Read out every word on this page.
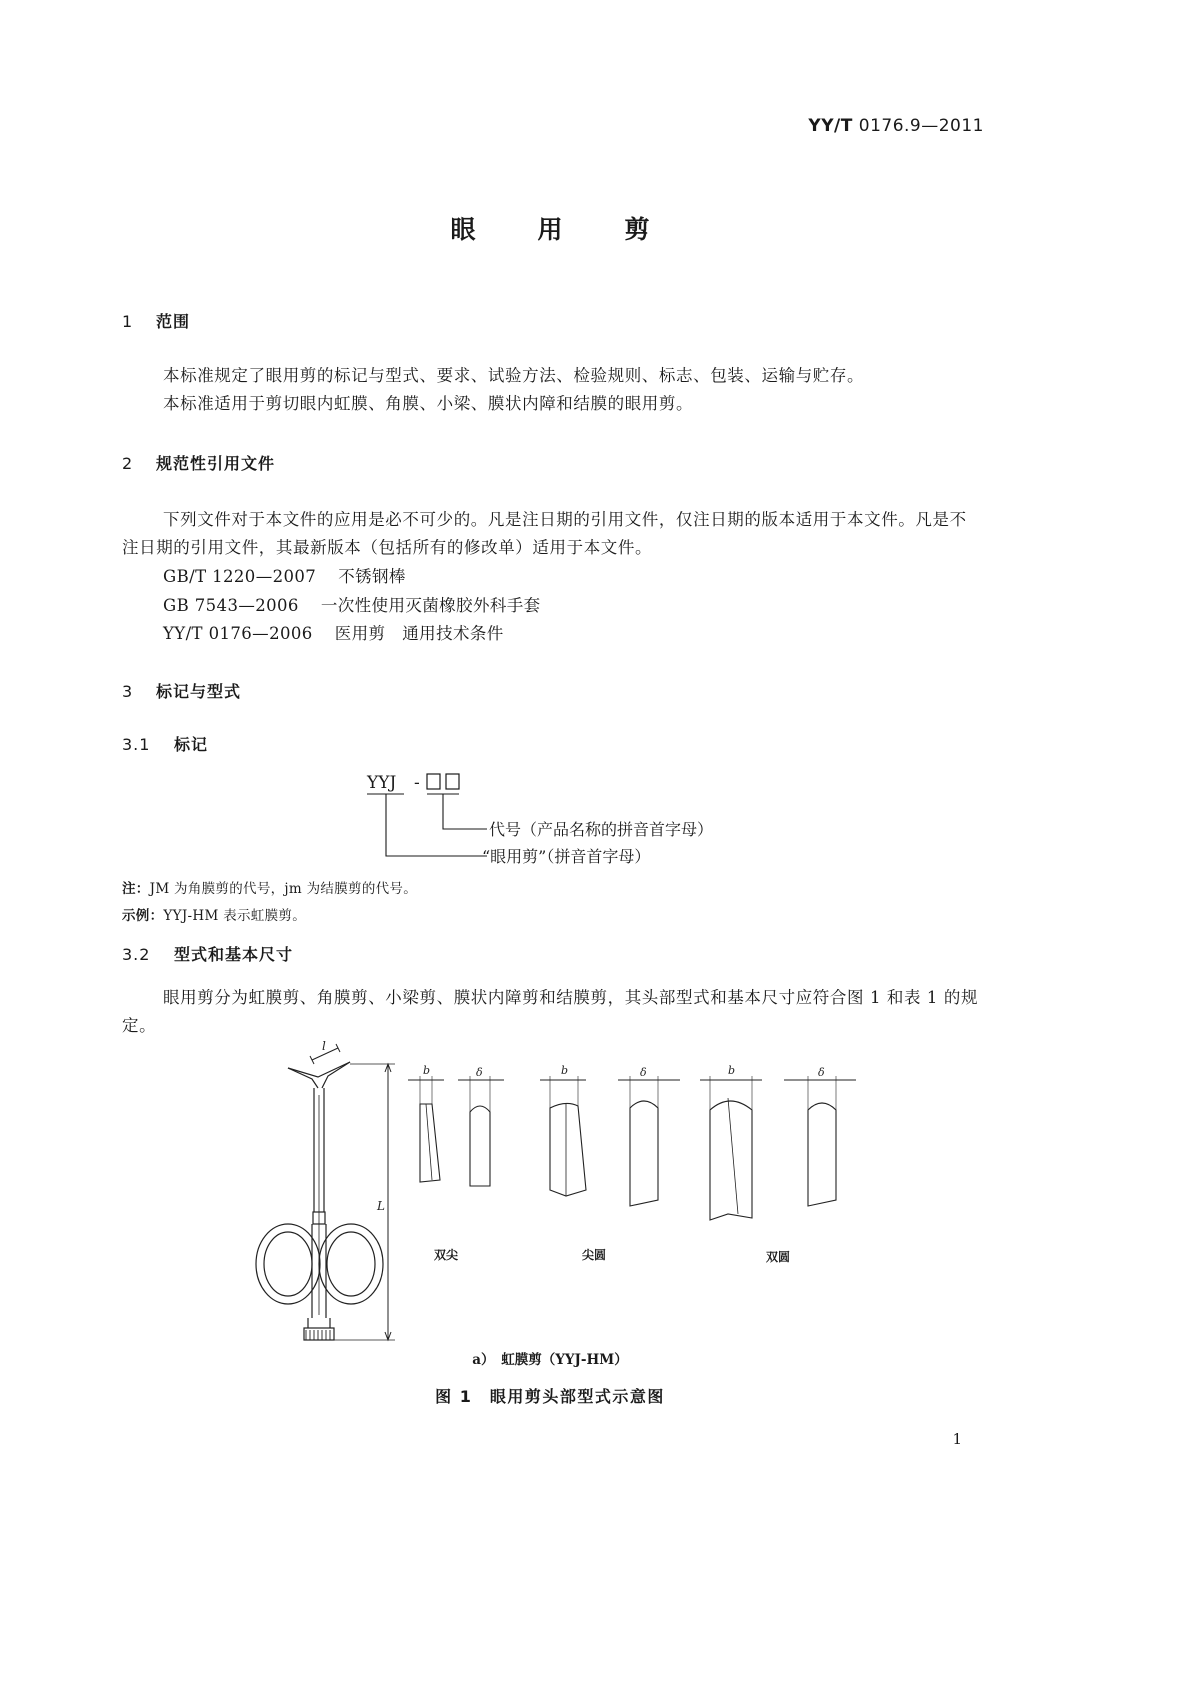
YY/T 0176.9—2011
眼用剪
1 范围
本标准规定了眼用剪的标记与型式、要求、试验方法、检验规则、标志、包装、运输与贮存。
本标准适用于剪切眼内虹膜、角膜、小梁、膜状内障和结膜的眼用剪。
2 规范性引用文件
下列文件对于本文件的应用是必不可少的。凡是注日期的引用文件，仅注日期的版本适用于本文件。凡是不注日期的引用文件，其最新版本（包括所有的修改单）适用于本文件。
GB/T 1220—2007 不锈钢棒
GB 7543—2006 一次性使用灭菌橡胶外科手套
YY/T 0176—2006 医用剪　通用技术条件
3 标记与型式
3.1 标记
YYJ -
代号（产品名称的拼音首字母）
“眼用剪”（拼音首字母）
注：JM 为角膜剪的代号，jm 为结膜剪的代号。
示例：YYJ-HM 表示虹膜剪。
3.2 型式和基本尺寸
眼用剪分为虹膜剪、角膜剪、小梁剪、膜状内障剪和结膜剪，其头部型式和基本尺寸应符合图 1 和表 1 的规定。
l
L
b	δ	b	δ	b	δ
双尖	尖圆	双圆
a）　虹膜剪（YYJ-HM）
图 1　眼用剪头部型式示意图
1
